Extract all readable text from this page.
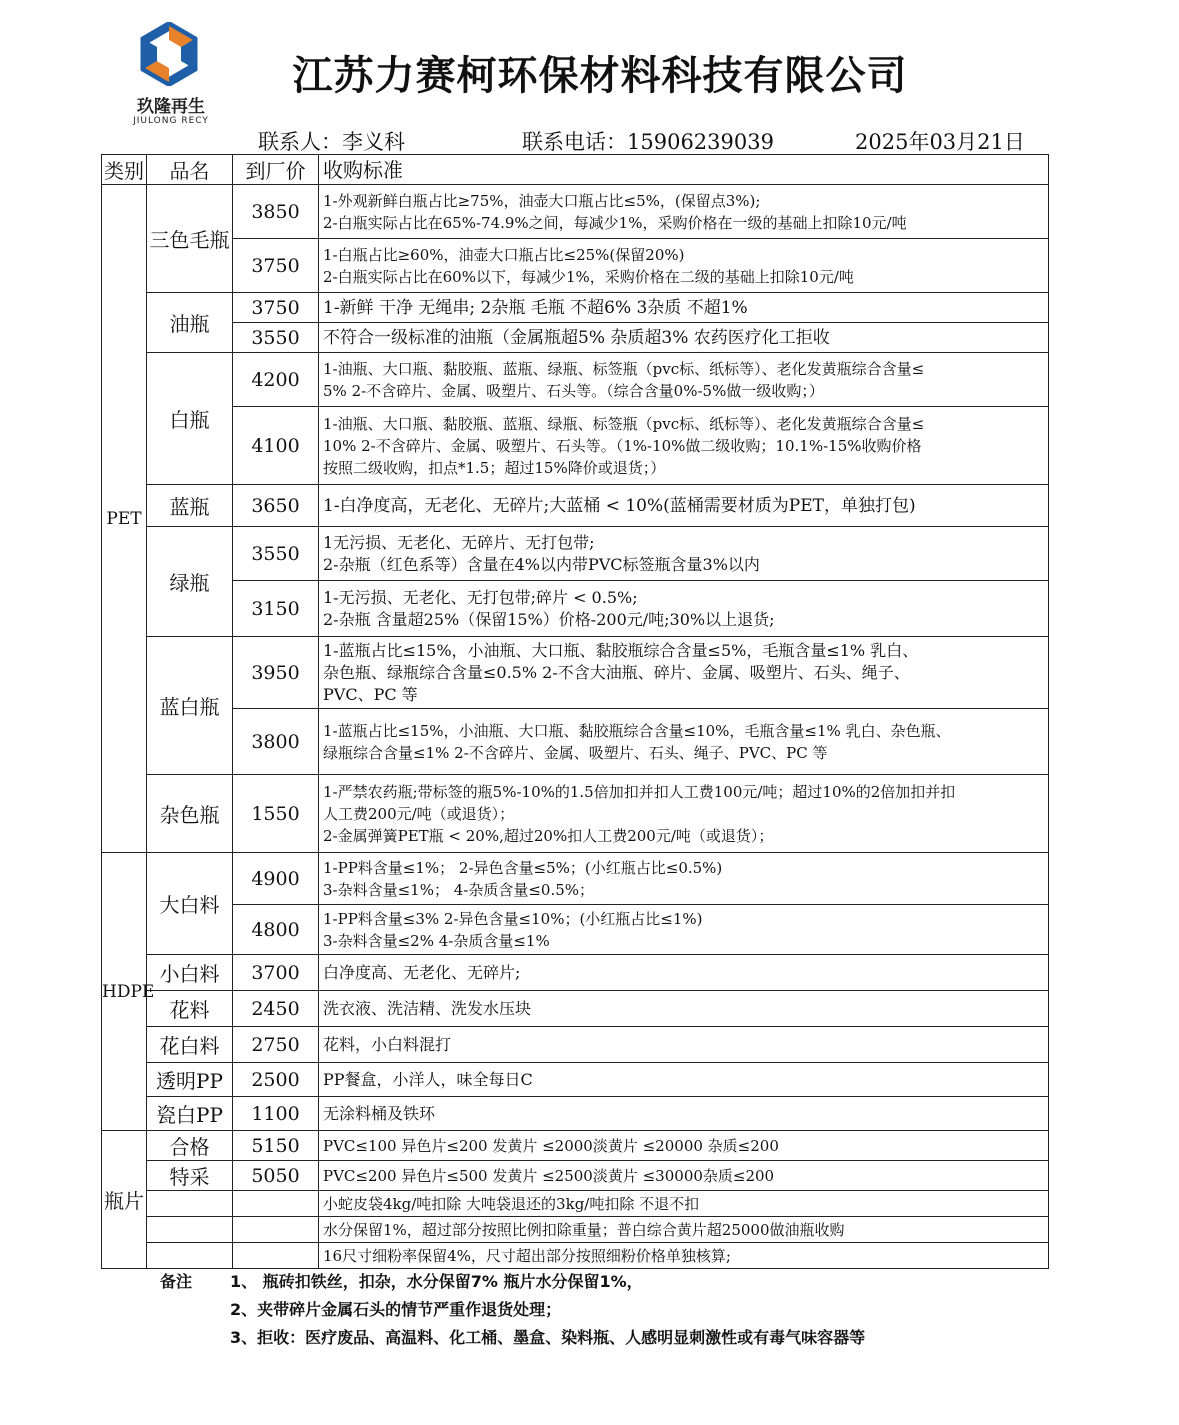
玖隆再生
JIULONG RECY
江苏力赛柯环保材料科技有限公司
联系人：李义科	联系电话：15906239039	2025年03月21日
类别	品名	到厂价	收购标准
PET	三色毛瓶	3850	1-外观新鲜白瓶占比≥75%，油壶大口瓶占比≤5%，(保留点3%);
2-白瓶实际占比在65%-74.9%之间，每减少1%，采购价格在一级的基础上扣除10元/吨

		3750	1-白瓶占比≥60%，油壶大口瓶占比≤25%(保留20%)
2-白瓶实际占比在60%以下，每减少1%，采购价格在二级的基础上扣除10元/吨

	油瓶	3750	1-新鲜 干净 无绳串; 2杂瓶 毛瓶 不超6% 3杂质 不超1%

		3550	不符合一级标准的油瓶（金属瓶超5% 杂质超3% 农药医疗化工拒收

	白瓶	4200	1-油瓶、大口瓶、黏胶瓶、蓝瓶、绿瓶、标签瓶（pvc标、纸标等）、老化发黄瓶综合含量≤
5% 2-不含碎片、金属、吸塑片、石头等。（综合含量0%-5%做一级收购；）

		4100	1-油瓶、大口瓶、黏胶瓶、蓝瓶、绿瓶、标签瓶（pvc标、纸标等）、老化发黄瓶综合含量≤
10% 2-不含碎片、金属、吸塑片、石头等。（1%-10%做二级收购；10.1%-15%收购价格
按照二级收购，扣点*1.5；超过15%降价或退货；）

	蓝瓶	3650	1-白净度高，无老化、无碎片;大蓝桶 < 10%(蓝桶需要材质为PET，单独打包)

	绿瓶	3550	1无污损、无老化、无碎片、无打包带;
2-杂瓶（红色系等）含量在4%以内带PVC标签瓶含量3%以内

		3150	1-无污损、无老化、无打包带;碎片 < 0.5%;
2-杂瓶 含量超25%（保留15%）价格-200元/吨;30%以上退货;

	蓝白瓶	3950	1-蓝瓶占比≤15%，小油瓶、大口瓶、黏胶瓶综合含量≤5%，毛瓶含量≤1% 乳白、
杂色瓶、绿瓶综合含量≤0.5% 2-不含大油瓶、碎片、金属、吸塑片、石头、绳子、
PVC、PC 等

		3800	1-蓝瓶占比≤15%，小油瓶、大口瓶、黏胶瓶综合含量≤10%，毛瓶含量≤1% 乳白、杂色瓶、
绿瓶综合含量≤1% 2-不含碎片、金属、吸塑片、石头、绳子、PVC、PC 等

	杂色瓶	1550	1-严禁农药瓶;带标签的瓶5%-10%的1.5倍加扣并扣人工费100元/吨；超过10%的2倍加扣并扣
人工费200元/吨（或退货）；
2-金属弹簧PET瓶 < 20%,超过20%扣人工费200元/吨（或退货）；

HDPE	大白料	4900	1-PP料含量≤1%； 2-异色含量≤5%；(小红瓶占比≤0.5%)
3-杂料含量≤1%； 4-杂质含量≤0.5%；

		4800	1-PP料含量≤3% 2-异色含量≤10%；(小红瓶占比≤1%)
3-杂料含量≤2% 4-杂质含量≤1%

	小白料	3700	白净度高、无老化、无碎片;

	花料	2450	洗衣液、洗洁精、洗发水压块

	花白料	2750	花料，小白料混打

	透明PP	2500	PP餐盒，小洋人，味全每日C

	瓷白PP	1100	无涂料桶及铁环

瓶片	合格	5150	PVC≤100 异色片≤200 发黄片 ≤2000淡黄片 ≤20000 杂质≤200

	特采	5050	PVC≤200 异色片≤500 发黄片 ≤2500淡黄片 ≤30000杂质≤200

			小蛇皮袋4kg/吨扣除 大吨袋退还的3kg/吨扣除 不退不扣

			水分保留1%，超过部分按照比例扣除重量；普白综合黄片超25000做油瓶收购

			16尺寸细粉率保留4%，尺寸超出部分按照细粉价格单独核算;
备注 1、 瓶砖扣铁丝，扣杂，水分保留7% 瓶片水分保留1%，
2、夹带碎片金属石头的情节严重作退货处理；
3、拒收：医疗废品、高温料、化工桶、墨盒、染料瓶、人感明显刺激性或有毒气味容器等
